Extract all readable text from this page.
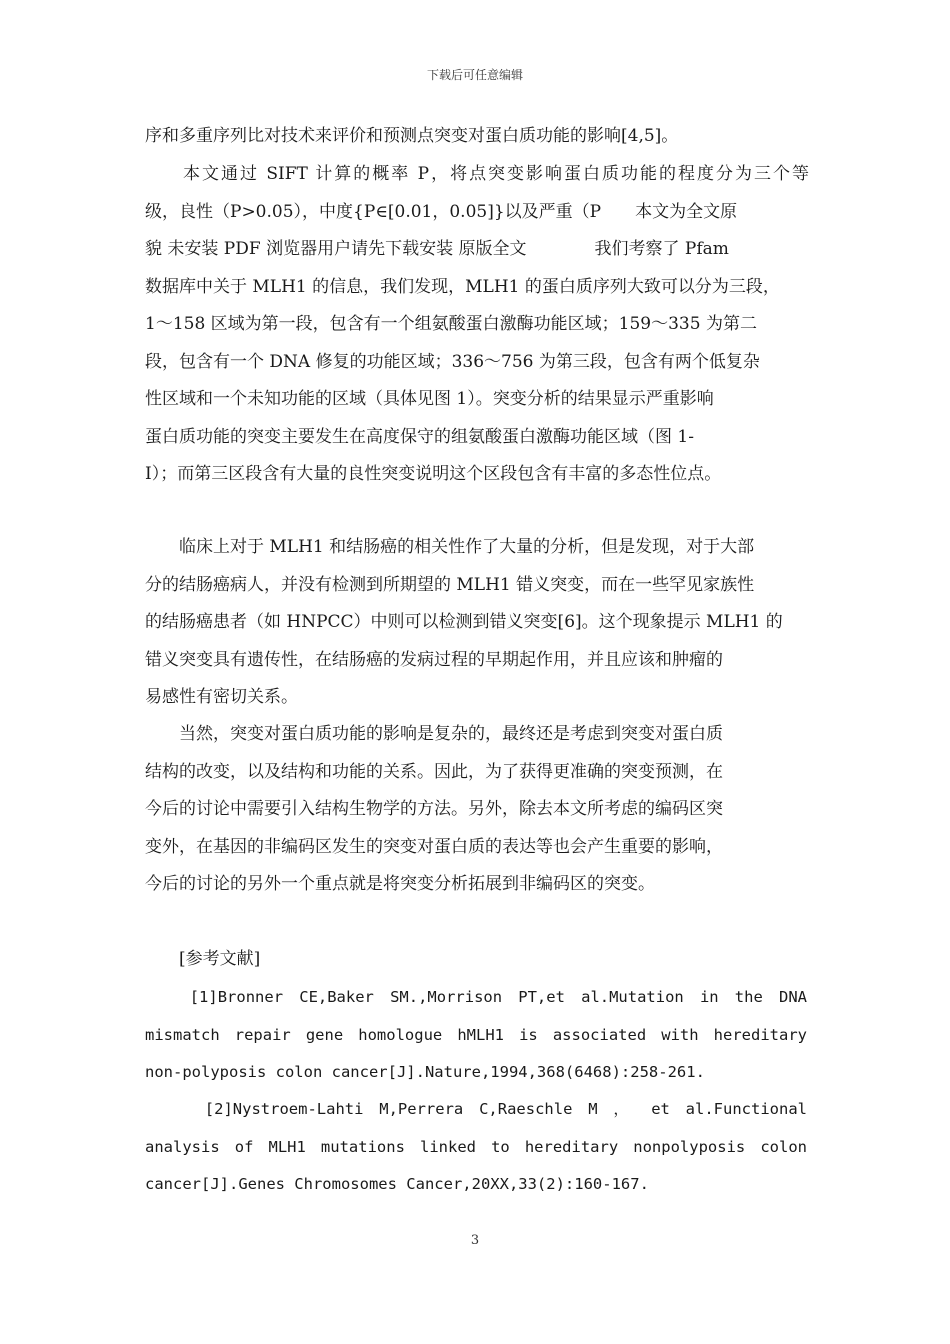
下载后可任意编辑
序和多重序列比对技术来评价和预测点突变对蛋白质功能的影响[4,5]。
　　本文通过 SIFT 计算的概率 P，将点突变影响蛋白质功能的程度分为三个等
级，良性（P>0.05），中度{P∈[0.01，0.05]}以及严重（P　　本文为全文原
貌 未安装 PDF 浏览器用户请先下载安装 原版全文　　　　我们考察了 Pfam
数据库中关于 MLH1 的信息，我们发现，MLH1 的蛋白质序列大致可以分为三段，
1～158 区域为第一段，包含有一个组氨酸蛋白激酶功能区域；159～335 为第二
段，包含有一个 DNA 修复的功能区域；336～756 为第三段，包含有两个低复杂
性区域和一个未知功能的区域（具体见图 1）。突变分析的结果显示严重影响
蛋白质功能的突变主要发生在高度保守的组氨酸蛋白激酶功能区域（图 1-
I）；而第三区段含有大量的良性突变说明这个区段包含有丰富的多态性位点。
　　临床上对于 MLH1 和结肠癌的相关性作了大量的分析，但是发现，对于大部
分的结肠癌病人，并没有检测到所期望的 MLH1 错义突变，而在一些罕见家族性
的结肠癌患者（如 HNPCC）中则可以检测到错义突变[6]。这个现象提示 MLH1 的
错义突变具有遗传性，在结肠癌的发病过程的早期起作用，并且应该和肿瘤的
易感性有密切关系。
　　当然，突变对蛋白质功能的影响是复杂的，最终还是考虑到突变对蛋白质
结构的改变，以及结构和功能的关系。因此，为了获得更准确的突变预测，在
今后的讨论中需要引入结构生物学的方法。另外，除去本文所考虑的编码区突
变外，在基因的非编码区发生的突变对蛋白质的表达等也会产生重要的影响，
今后的讨论的另外一个重点就是将突变分析拓展到非编码区的突变。
　　[参考文献]
　　[1]Bronner CE,Baker SM.,Morrison PT,et al.Mutation in the DNA
mismatch repair gene homologue hMLH1 is associated with hereditary
non-polyposis colon cancer[J].Nature,1994,368(6468):258-261.
　　 [2]Nystroem-Lahti M,Perrera C,Raeschle M ， et al.Functional
analysis of MLH1 mutations linked to hereditary nonpolyposis colon
cancer[J].Genes Chromosomes Cancer,20XX,33(2):160-167.
3
